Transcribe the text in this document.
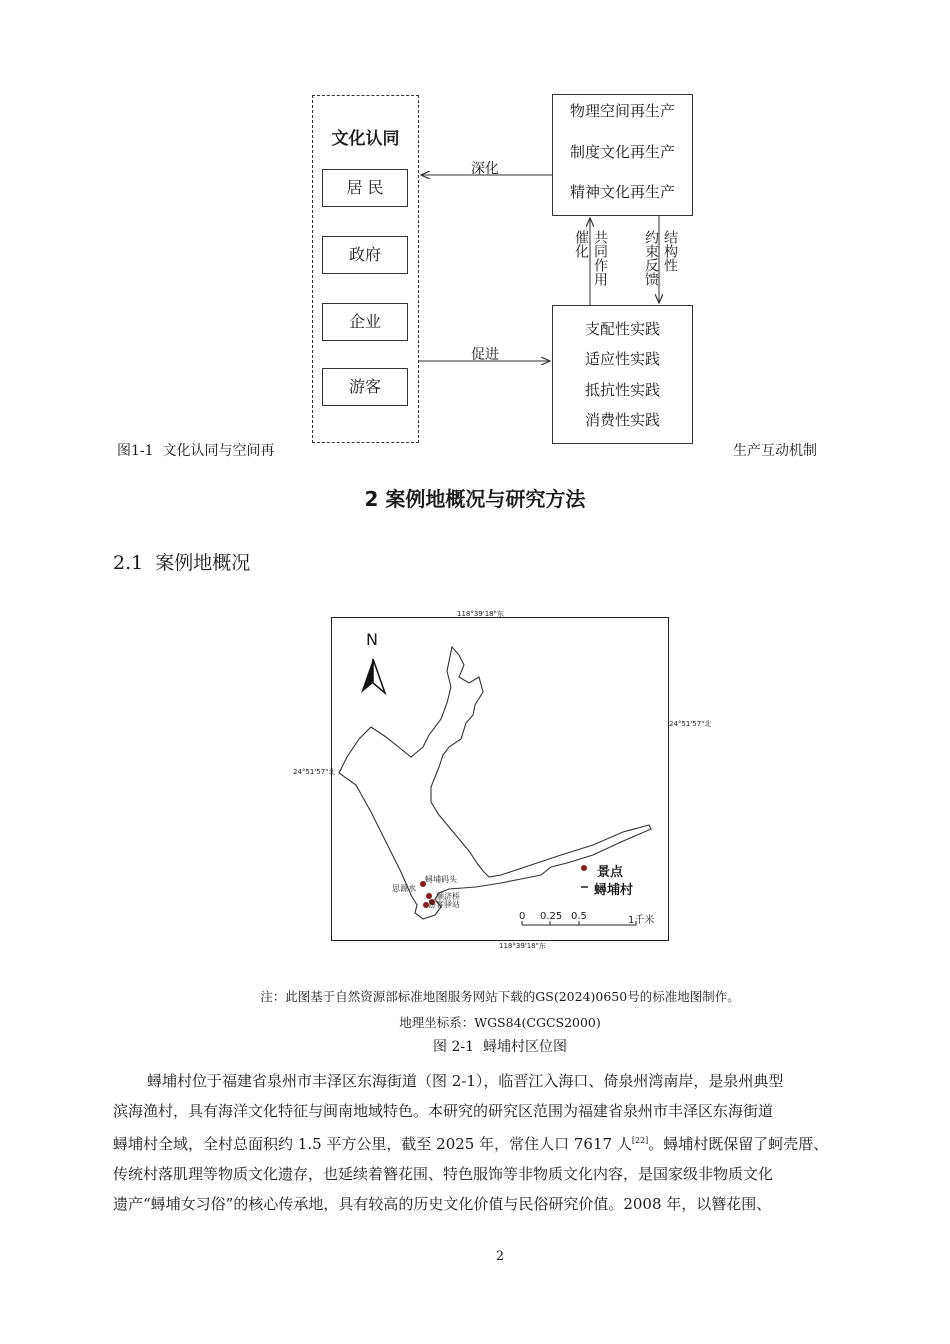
文化认同
居 民
政府
企业
游客
物理空间再生产
制度文化再生产
精神文化再生产
支配性实践
适应性实践
抵抗性实践
消费性实践
深化
促进
共同作用
催化	结构性
约束反馈
图1-1  文化认同与空间再	生产互动机制
2 案例地概况与研究方法
2.1  案例地概况
N
118°39'18"东
118°39'18"东
24°51'57"北
24°51'57"北
景点
蟳埔村
0 0.25 0.5	1千米
蟳埔码头
思源水
顺济桥
游客驿站
注：此图基于自然资源部标准地图服务网站下载的GS(2024)0650号的标准地图制作。
地理坐标系：WGS84(CGCS2000)
图 2-1  蟳埔村区位图
蟳埔村位于福建省泉州市丰泽区东海街道（图 2-1），临晋江入海口、倚泉州湾南岸，是泉州典型
滨海渔村，具有海洋文化特征与闽南地域特色。本研究的研究区范围为福建省泉州市丰泽区东海街道
蟳埔村全域，全村总面积约 1.5 平方公里，截至 2025 年，常住人口 7617 人[22]。蟳埔村既保留了蚵壳厝、
传统村落肌理等物质文化遗存，也延续着簪花围、特色服饰等非物质文化内容，是国家级非物质文化
遗产“蟳埔女习俗”的核心传承地，具有较高的历史文化价值与民俗研究价值。2008 年，以簪花围、
2
